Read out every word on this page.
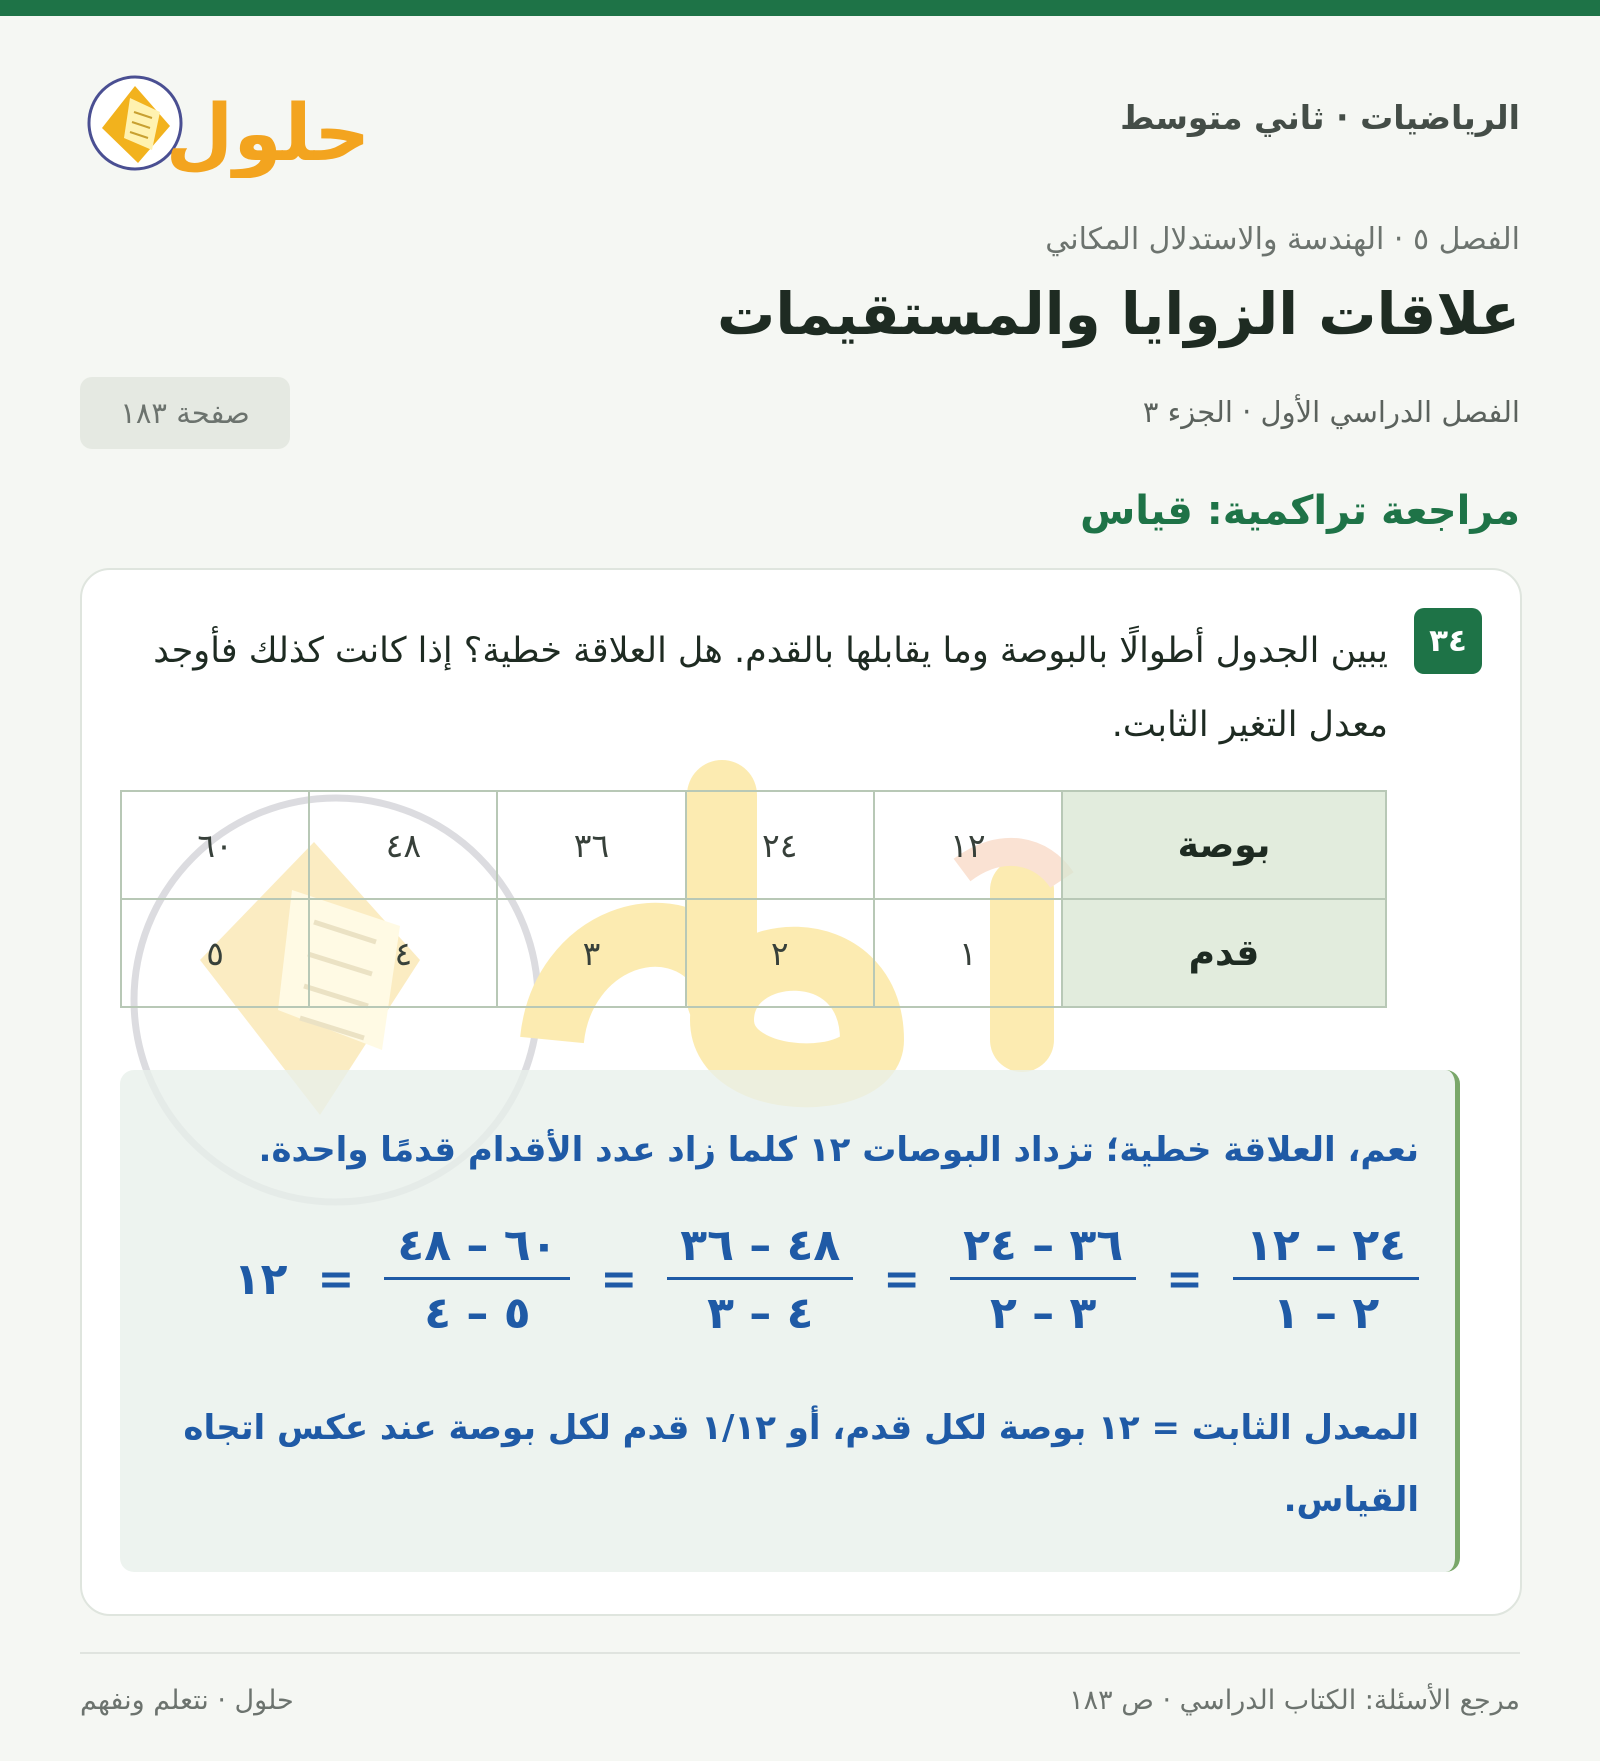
حلول	الرياضيات · ثاني متوسط
الفصل ٥ · الهندسة والاستدلال المكاني
علاقات الزوايا والمستقيمات
الفصل الدراسي الأول · الجزء ٣
صفحة ١٨٣
مراجعة تراكمية: قياس
٣٤
يبين الجدول أطوالًا بالبوصة وما يقابلها بالقدم. هل العلاقة خطية؟ إذا كانت كذلك فأوجد معدل التغير الثابت.
بوصة	١٢	٢٤	٣٦	٤٨	٦٠
قدم	١	٢	٣	٤	٥
نعم، العلاقة خطية؛ تزداد البوصات ١٢ كلما زاد عدد الأقدام قدمًا واحدة.
$\frac{٢٤ - ١٢}{٢ - ١}$
=
$\frac{٣٦ - ٢٤}{٣ - ٢}$
=
$\frac{٤٨ - ٣٦}{٤ - ٣}$
=
$\frac{٦٠ - ٤٨}{٥ - ٤}$
=
١٢
المعدل الثابت = ١٢ بوصة لكل قدم، أو ١/١٢ قدم لكل بوصة عند عكس اتجاه القياس.
مرجع الأسئلة: الكتاب الدراسي · ص ١٨٣
حلول · نتعلم ونفهم
